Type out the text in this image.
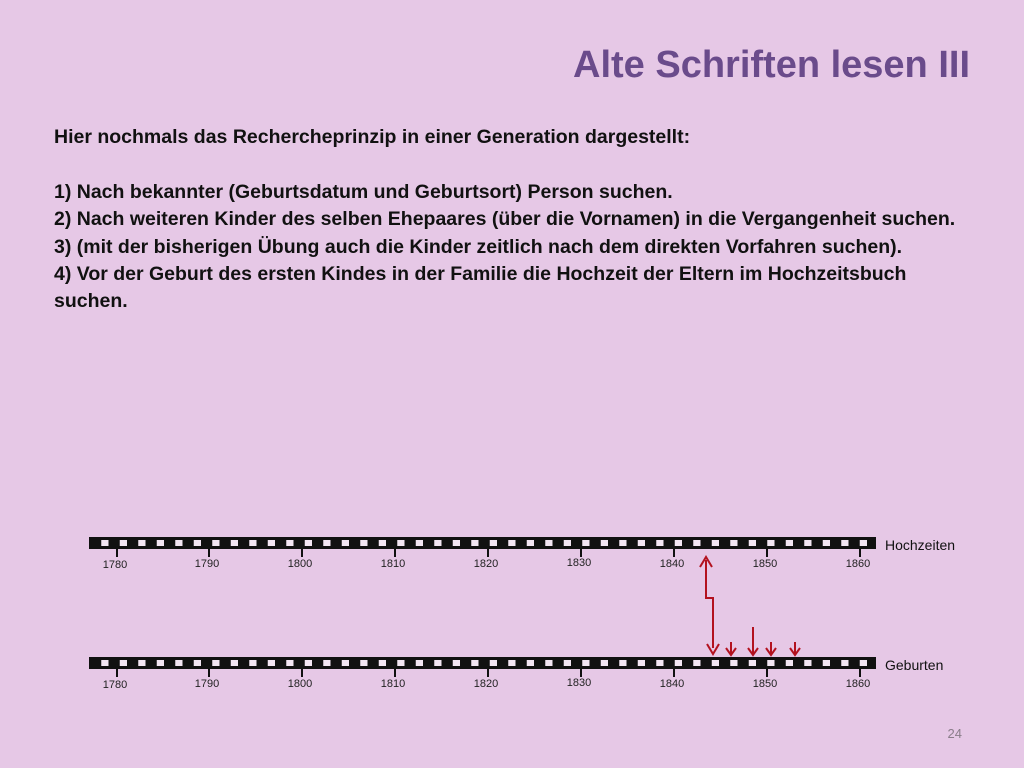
Alte Schriften lesen III

Hier nochmals das Rechercheprinzip in einer Generation dargestellt:

1) Nach bekannter (Geburtsdatum und Geburtsort) Person suchen.

2) Nach weiteren Kinder des selben Ehepaares (über die Vornamen) in die Vergangenheit suchen.

3) (mit der bisherigen Übung auch die Kinder zeitlich nach dem direkten Vorfahren suchen).

4) Vor der Geburt des ersten Kindes in der Familie die Hochzeit der Eltern im Hochzeitsbuch suchen.

1780	1790	1800	1810	1820	1830	1840	1850	1860
Hochzeiten
1780	1790	1800	1810	1820	1830	1840	1850	1860
Geburten
24
